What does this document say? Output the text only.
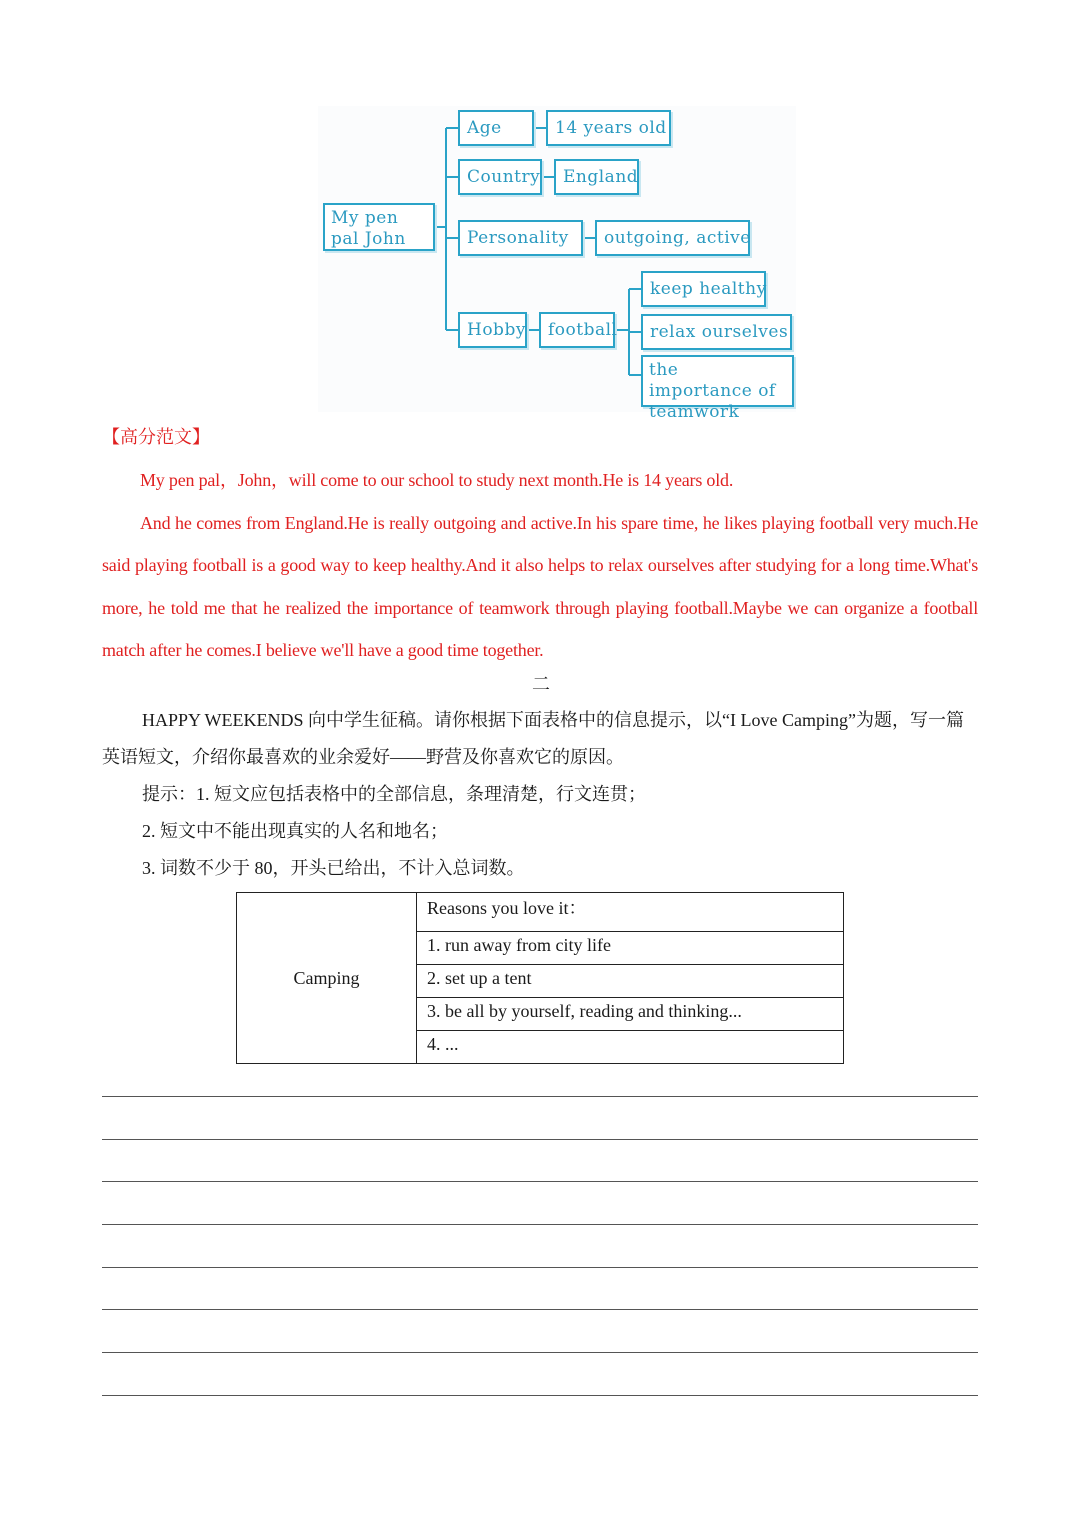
My pen pal John
Age	14 years old
Country	England
Personality	outgoing, active
Hobby	football
keep healthy
relax ourselves
the importance of teamwork
【高分范文】

My pen pal，John，will come to our school to study next month.He is 14 years old.

And he comes from England.He is really outgoing and active.In his spare time, he likes playing football very much.He said playing football is a good way to keep healthy.And it also helps to relax ourselves after studying for a long time.What's more, he told me that he realized the importance of teamwork through playing football.Maybe we can organize a football match after he comes.I believe we'll have a good time together.

二

HAPPY WEEKENDS 向中学生征稿。请你根据下面表格中的信息提示，以“I Love Camping”为题，写一篇英语短文，介绍你最喜欢的业余爱好——野营及你喜欢它的原因。

提示：1. 短文应包括表格中的全部信息，条理清楚，行文连贯；

2. 短文中不能出现真实的人名和地名；

3. 词数不少于 80，开头已给出，不计入总词数。

Camping	Reasons you love it：
1. run away from city life
2. set up a tent
3. be all by yourself, reading and thinking...
4. ...
